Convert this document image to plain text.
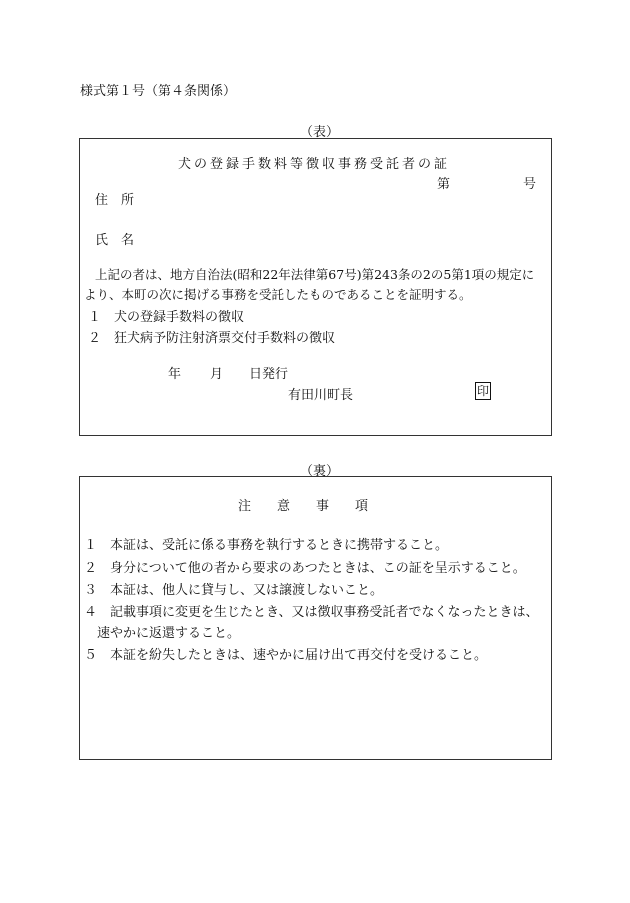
様式第１号（第４条関係）
（表）
犬の登録手数料等徴収事務受託者の証
第	号
住　所
氏　名
上記の者は、地方自治法(昭和22年法律第67号)第243条の2の5第1項の規定に
より、本町の次に掲げる事務を受託したものであることを証明する。
１　犬の登録手数料の徴収
２　狂犬病予防注射済票交付手数料の徴収
年 月 日発行
有田川町長	印
（裏）
注　　意　　事　　項
１　本証は、受託に係る事務を執行するときに携帯すること。
２　身分について他の者から要求のあつたときは、この証を呈示すること。
３　本証は、他人に貸与し、又は譲渡しないこと。
４　記載事項に変更を生じたとき、又は徴収事務受託者でなくなったときは、
　速やかに返還すること。
５　本証を紛失したときは、速やかに届け出て再交付を受けること。
